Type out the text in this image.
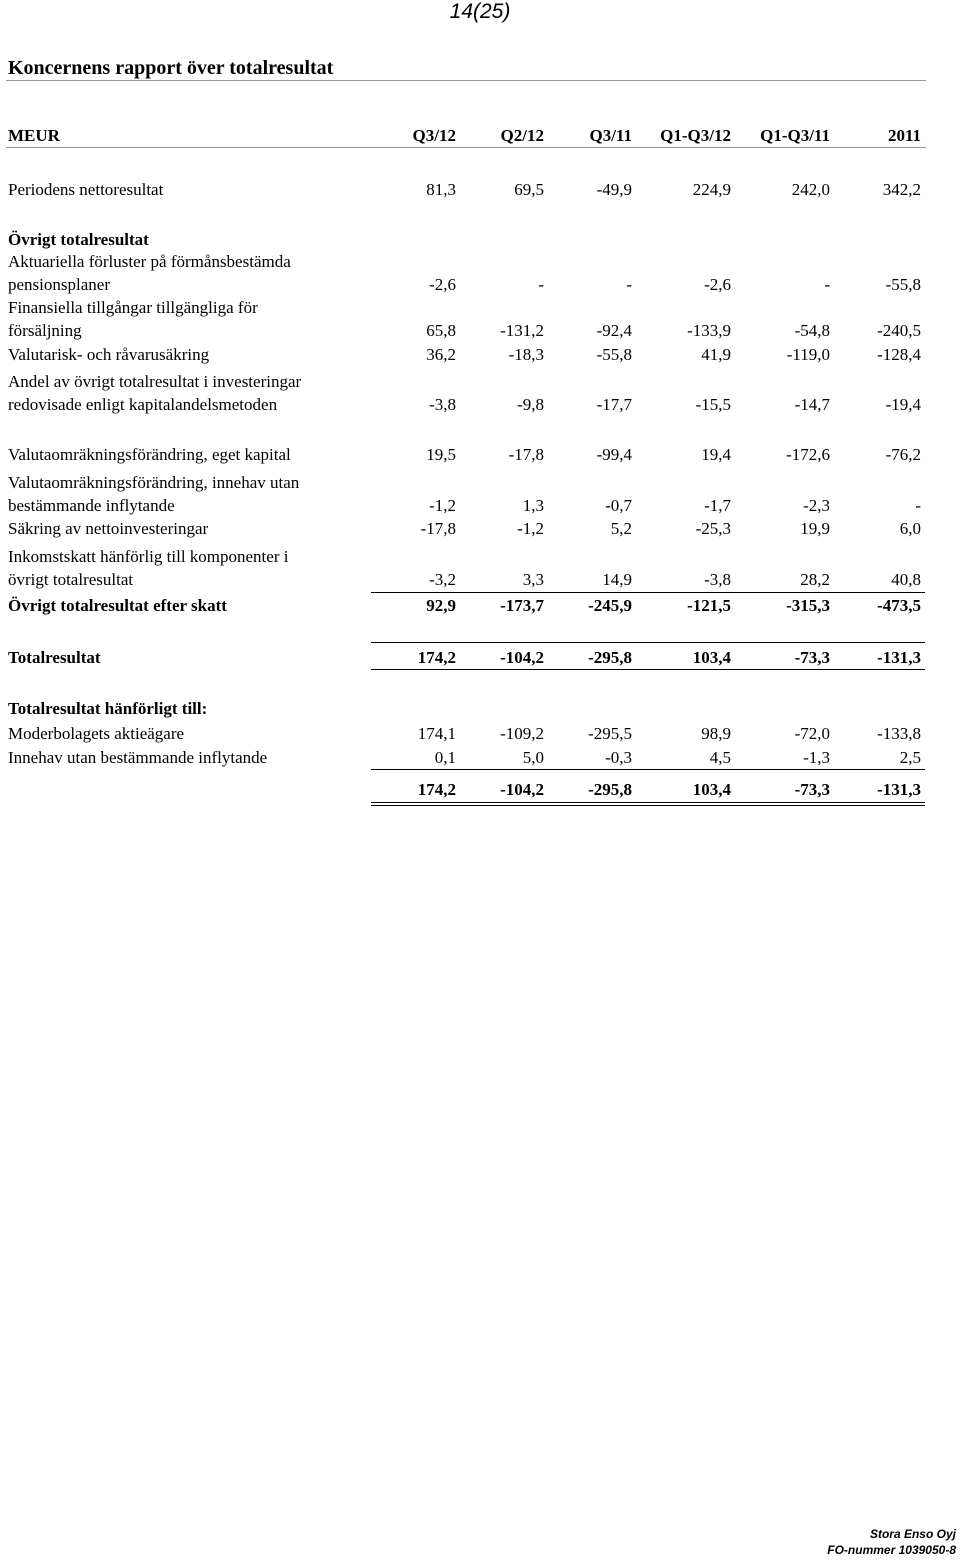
14(25)
Koncernens rapport över totalresultat
MEUR	Q3/12	Q2/12	Q3/11	Q1-Q3/12	Q1-Q3/11	2011
Periodens nettoresultat	81,3	69,5	-49,9	224,9	242,0	342,2
Övrigt totalresultat
Aktuariella förluster på förmånsbestämda
pensionsplaner	-2,6	-	-	-2,6	-	-55,8
Finansiella tillgångar tillgängliga för
försäljning	65,8	-131,2	-92,4	-133,9	-54,8	-240,5
Valutarisk- och råvarusäkring	36,2	-18,3	-55,8	41,9	-119,0	-128,4
Andel av övrigt totalresultat i investeringar
redovisade enligt kapitalandelsmetoden	-3,8	-9,8	-17,7	-15,5	-14,7	-19,4
Valutaomräkningsförändring, eget kapital	19,5	-17,8	-99,4	19,4	-172,6	-76,2
Valutaomräkningsförändring, innehav utan
bestämmande inflytande	-1,2	1,3	-0,7	-1,7	-2,3	-
Säkring av nettoinvesteringar	-17,8	-1,2	5,2	-25,3	19,9	6,0
Inkomstskatt hänförlig till komponenter i
övrigt totalresultat	-3,2	3,3	14,9	-3,8	28,2	40,8
Övrigt totalresultat efter skatt	92,9	-173,7	-245,9	-121,5	-315,3	-473,5
Totalresultat	174,2	-104,2	-295,8	103,4	-73,3	-131,3
Totalresultat hänförligt till:
Moderbolagets aktieägare	174,1	-109,2	-295,5	98,9	-72,0	-133,8
Innehav utan bestämmande inflytande	0,1	5,0	-0,3	4,5	-1,3	2,5
174,2	-104,2	-295,8	103,4	-73,3	-131,3
Stora Enso Oyj
FO-nummer 1039050-8
